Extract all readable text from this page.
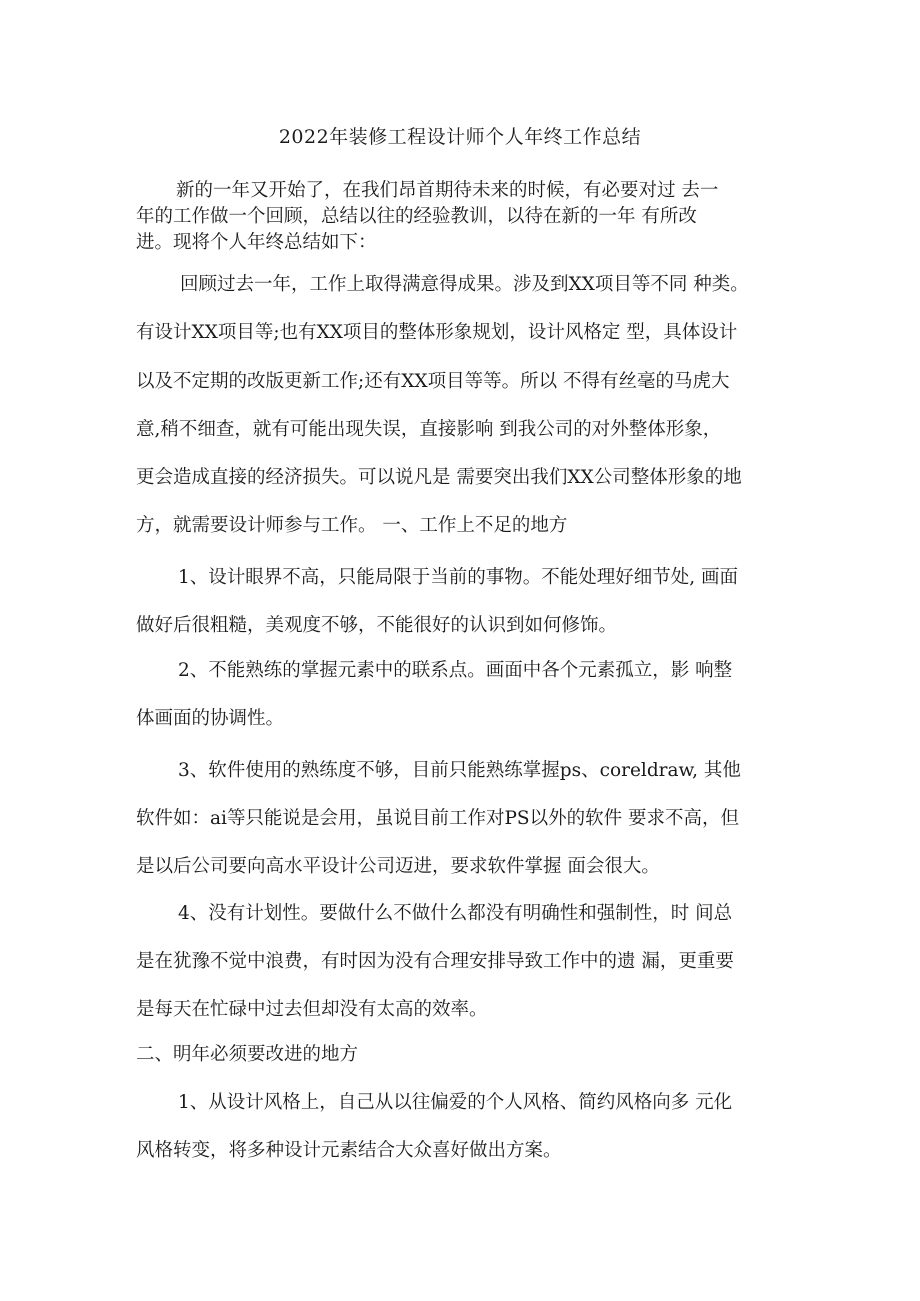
2022年装修工程设计师个人年终工作总结
新的一年又开始了，在我们昂首期待未来的时候，有必要对过 去一
年的工作做一个回顾，总结以往的经验教训，以待在新的一年 有所改
进。现将个人年终总结如下：
回顾过去一年，工作上取得满意得成果。涉及到XX项目等不同 种类。
有设计XX项目等;也有XX项目的整体形象规划，设计风格定 型，具体设计
以及不定期的改版更新工作;还有XX项目等等。所以 不得有丝毫的马虎大
意,稍不细查，就有可能出现失误，直接影响 到我公司的对外整体形象，
更会造成直接的经济损失。可以说凡是 需要突出我们XX公司整体形象的地
方，就需要设计师参与工作。 一、工作上不足的地方
1、设计眼界不高，只能局限于当前的事物。不能处理好细节处, 画面
做好后很粗糙，美观度不够，不能很好的认识到如何修饰。
2、不能熟练的掌握元素中的联系点。画面中各个元素孤立，影 响整
体画面的协调性。
3、软件使用的熟练度不够，目前只能熟练掌握ps、coreldraw, 其他
软件如：ai等只能说是会用，虽说目前工作对PS以外的软件 要求不高，但
是以后公司要向高水平设计公司迈进，要求软件掌握 面会很大。
4、没有计划性。要做什么不做什么都没有明确性和强制性，时 间总
是在犹豫不觉中浪费，有时因为没有合理安排导致工作中的遗 漏，更重要
是每天在忙碌中过去但却没有太高的效率。
二、明年必须要改进的地方
1、从设计风格上，自己从以往偏爱的个人风格、简约风格向多 元化
风格转变，将多种设计元素结合大众喜好做出方案。
